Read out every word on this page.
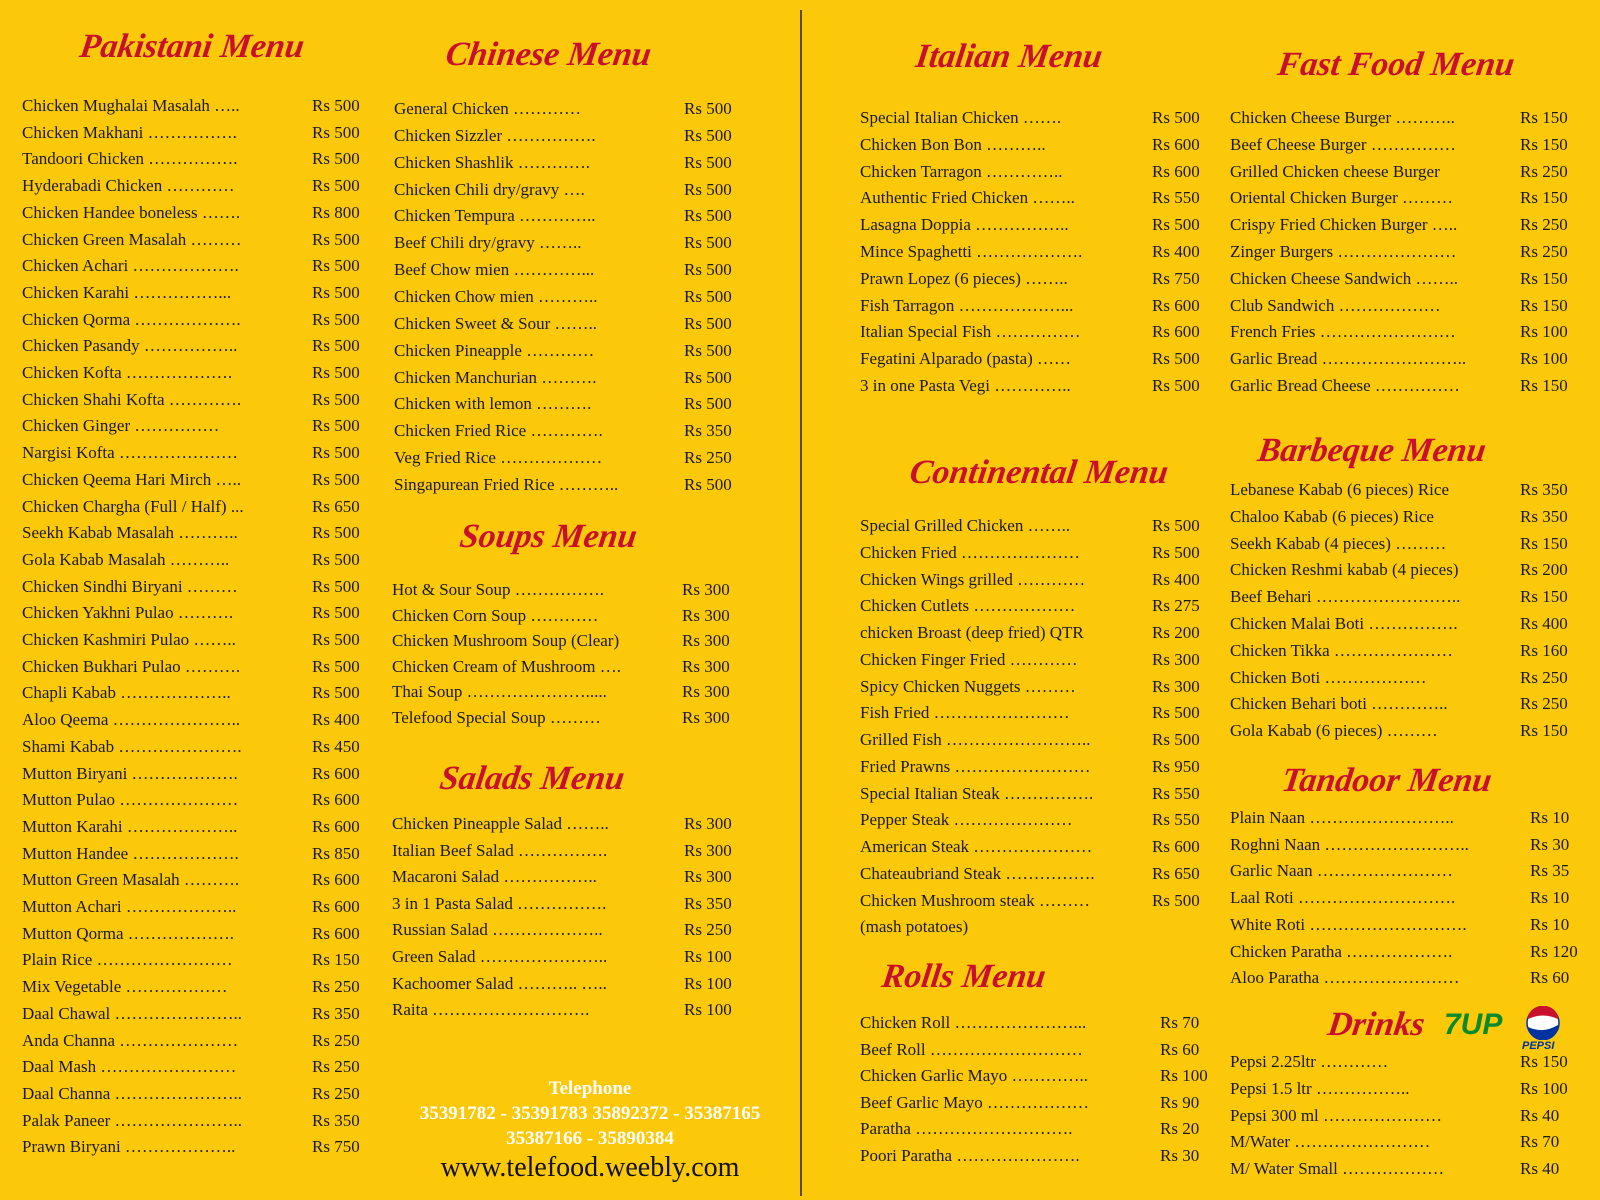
Pakistani Menu	Chinese Menu
Soups Menu
Salads Menu
Italian Menu
Continental Menu
Rolls Menu
Fast Food Menu
Barbeque Menu
Tandoor Menu
Drinks 7UP
PEPSI
Telephone
35391782 - 35391783 35892372 - 35387165
35387166 - 35890384
www.telefood.weebly.com
Chicken Mughalai Masalah …..	Rs 500
Chicken Makhani …………….	Rs 500
Tandoori Chicken …………….	Rs 500
Hyderabadi Chicken …………	Rs 500
Chicken Handee boneless …….	Rs 800
Chicken Green Masalah ………	Rs 500
Chicken Achari ……………….	Rs 500
Chicken Karahi ……………...	Rs 500
Chicken Qorma ……………….	Rs 500
Chicken Pasandy ……………..	Rs 500
Chicken Kofta ……………….	Rs 500
Chicken Shahi Kofta ………….	Rs 500
Chicken Ginger ……………	Rs 500
Nargisi Kofta …………………	Rs 500
Chicken Qeema Hari Mirch …..	Rs 500
Chicken Chargha (Full / Half) ...	Rs 650
Seekh Kabab Masalah ………..	Rs 500
Gola Kabab Masalah ………..	Rs 500
Chicken Sindhi Biryani ………	Rs 500
Chicken Yakhni Pulao ……….	Rs 500
Chicken Kashmiri Pulao ……..	Rs 500
Chicken Bukhari Pulao ……….	Rs 500
Chapli Kabab ………………..	Rs 500
Aloo Qeema …………………..	Rs 400
Shami Kabab ………………….	Rs 450
Mutton Biryani ……………….	Rs 600
Mutton Pulao …………………	Rs 600
Mutton Karahi ………………..	Rs 600
Mutton Handee ……………….	Rs 850
Mutton Green Masalah ……….	Rs 600
Mutton Achari ………………..	Rs 600
Mutton Qorma ……………….	Rs 600
Plain Rice ……………………	Rs 150
Mix Vegetable ………………	Rs 250
Daal Chawal …………………..	Rs 350
Anda Channa …………………	Rs 250
Daal Mash ……………………	Rs 250
Daal Channa …………………..	Rs 250
Palak Paneer …………………..	Rs 350
Prawn Biryani ………………..	Rs 750
General Chicken …………	Rs 500
Chicken Sizzler …………….	Rs 500
Chicken Shashlik ………….	Rs 500
Chicken Chili dry/gravy ….	Rs 500
Chicken Tempura …………..	Rs 500
Beef Chili dry/gravy ……..	Rs 500
Beef Chow mien …………...	Rs 500
Chicken Chow mien ………..	Rs 500
Chicken Sweet & Sour ……..	Rs 500
Chicken Pineapple …………	Rs 500
Chicken Manchurian ……….	Rs 500
Chicken with lemon ……….	Rs 500
Chicken Fried Rice ………….	Rs 350
Veg Fried Rice ………………	Rs 250
Singapurean Fried Rice ………..	Rs 500
Hot & Sour Soup …………….	Rs 300
Chicken Corn Soup …………	Rs 300
Chicken Mushroom Soup (Clear)	Rs 300
Chicken Cream of Mushroom ….	Rs 300
Thai Soup ………………….....	Rs 300
Telefood Special Soup ………	Rs 300
Chicken Pineapple Salad ……..	Rs 300
Italian Beef Salad …………….	Rs 300
Macaroni Salad ……………..	Rs 300
3 in 1 Pasta Salad …………….	Rs 350
Russian Salad ………………..	Rs 250
Green Salad …………………..	Rs 100
Kachoomer Salad ……….. …..	Rs 100
Raita ……………………….	Rs 100
Special Italian Chicken …….	Rs 500
Chicken Bon Bon ………..	Rs 600
Chicken Tarragon …………..	Rs 600
Authentic Fried Chicken ……..	Rs 550
Lasagna Doppia ……………..	Rs 500
Mince Spaghetti ……………….	Rs 400
Prawn Lopez (6 pieces) ……..	Rs 750
Fish Tarragon ………………...	Rs 600
Italian Special Fish ……………	Rs 600
Fegatini Alparado (pasta) ……	Rs 500
3 in one Pasta Vegi …………..	Rs 500
Special Grilled Chicken ……..	Rs 500
Chicken Fried …………………	Rs 500
Chicken Wings grilled …………	Rs 400
Chicken Cutlets ………………	Rs 275
chicken Broast (deep fried) QTR	Rs 200
Chicken Finger Fried …………	Rs 300
Spicy Chicken Nuggets ………	Rs 300
Fish Fried ……………………	Rs 500
Grilled Fish ……………………..	Rs 500
Fried Prawns ……………………	Rs 950
Special Italian Steak …………….	Rs 550
Pepper Steak …………………	Rs 550
American Steak …………………	Rs 600
Chateaubriand Steak …………….	Rs 650
Chicken Mushroom steak ………	Rs 500
(mash potatoes)
Chicken Roll …………………...	Rs 70
Beef Roll ………………………	Rs 60
Chicken Garlic Mayo …………..	Rs 100
Beef Garlic Mayo ………………	Rs 90
Paratha ……………………….	Rs 20
Poori Paratha ………………….	Rs 30
Chicken Cheese Burger ………..	Rs 150
Beef Cheese Burger ……………	Rs 150
Grilled Chicken cheese Burger	Rs 250
Oriental Chicken Burger ………	Rs 150
Crispy Fried Chicken Burger …..	Rs 250
Zinger Burgers …………………	Rs 250
Chicken Cheese Sandwich ……..	Rs 150
Club Sandwich ………………	Rs 150
French Fries ……………………	Rs 100
Garlic Bread ……………………..	Rs 100
Garlic Bread Cheese ……………	Rs 150
Lebanese Kabab (6 pieces) Rice	Rs 350
Chaloo Kabab (6 pieces) Rice	Rs 350
Seekh Kabab (4 pieces) ………	Rs 150
Chicken Reshmi kabab (4 pieces)	Rs 200
Beef Behari ……………………..	Rs 150
Chicken Malai Boti …………….	Rs 400
Chicken Tikka …………………	Rs 160
Chicken Boti ………………	Rs 250
Chicken Behari boti …………..	Rs 250
Gola Kabab (6 pieces) ………	Rs 150
Plain Naan ……………………..	Rs 10
Roghni Naan ……………………..	Rs 30
Garlic Naan ……………………	Rs 35
Laal Roti ……………………….	Rs 10
White Roti ……………………….	Rs 10
Chicken Paratha ……………….	Rs 120
Aloo Paratha ……………………	Rs 60
Pepsi 2.25ltr …………	Rs 150
Pepsi 1.5 ltr ……………..	Rs 100
Pepsi 300 ml …………………	Rs 40
M/Water ……………………	Rs 70
M/ Water Small ………………	Rs 40
